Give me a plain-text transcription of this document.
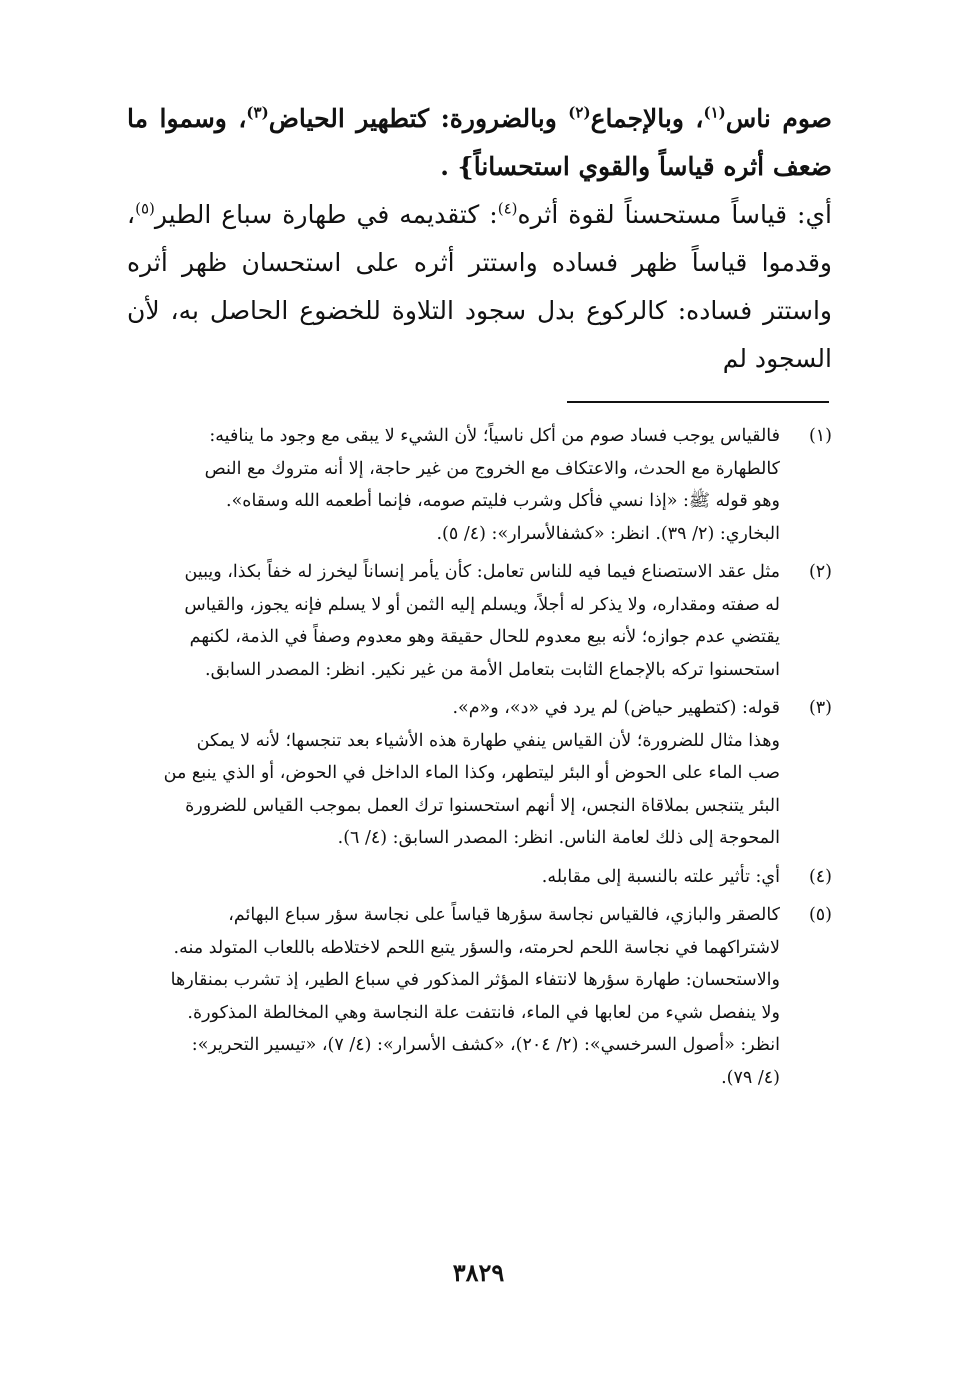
صوم ناس$^{(١)}$، وبالإجماع$^{(٢)}$ وبالضرورة: كتطهير الحياض$^{(٣)}$، وسموا ما ضعف أثره قياساً والقوي استحساناً} .

أي: قياساً مستحسناً لقوة أثره$^{(٤)}$: كتقديمه في طهارة سباع الطير$^{(٥)}$، وقدموا قياساً ظهر فساده واستتر أثره على استحسان ظهر أثره واستتر فساده: كالركوع بدل سجود التلاوة للخضوع الحاصل به، لأن السجود لم

(١)
فالقياس يوجب فساد صوم من أكل ناسياً؛ لأن الشيء لا يبقى مع وجود ما ينافيه:
كالطهارة مع الحدث، والاعتكاف مع الخروج من غير حاجة، إلا أنه متروك مع النص
وهو قوله ﷺ: «إذا نسي فأكل وشرب فليتم صومه، فإنما أطعمه الله وسقاه».
البخاري: (٢/ ٣٩). انظر: «كشفالأسرار»: (٤/ ٥).
(٢)
مثل عقد الاستصناع فيما فيه للناس تعامل: كأن يأمر إنساناً ليخرز له خفاً بكذا، ويبين
له صفته ومقداره، ولا يذكر له أجلاً، ويسلم إليه الثمن أو لا يسلم فإنه يجوز، والقياس
يقتضي عدم جوازه؛ لأنه بيع معدوم للحال حقيقة وهو معدوم وصفاً في الذمة، لكنهم
استحسنوا تركه بالإجماع الثابت بتعامل الأمة من غير نكير. انظر: المصدر السابق.
(٣)
قوله: (كتطهير حياض) لم يرد في «د»، و«م».
وهذا مثال للضرورة؛ لأن القياس ينفي طهارة هذه الأشياء بعد تنجسها؛ لأنه لا يمكن
صب الماء على الحوض أو البئر ليتطهر، وكذا الماء الداخل في الحوض، أو الذي ينبع من
البئر يتنجس بملاقاة النجس، إلا أنهم استحسنوا ترك العمل بموجب القياس للضرورة
المحوجة إلى ذلك لعامة الناس. انظر: المصدر السابق: (٤/ ٦).
(٤)
أي: تأثير علته بالنسبة إلى مقابله.
(٥)
كالصقر والبازي، فالقياس نجاسة سؤرها قياساً على نجاسة سؤر سباع البهائم،
لاشتراكهما في نجاسة اللحم لحرمته، والسؤر يتبع اللحم لاختلاطه باللعاب المتولد منه.
والاستحسان: طهارة سؤرها لانتفاء المؤثر المذكور في سباع الطير، إذ تشرب بمنقارها
ولا ينفصل شيء من لعابها في الماء، فانتفت علة النجاسة وهي المخالطة المذكورة.
انظر: «أصول السرخسي»: (٢/ ٢٠٤)، «كشف الأسرار»: (٤/ ٧)، «تيسير التحرير»:
(٤/ ٧٩).
٣٨٢٩
